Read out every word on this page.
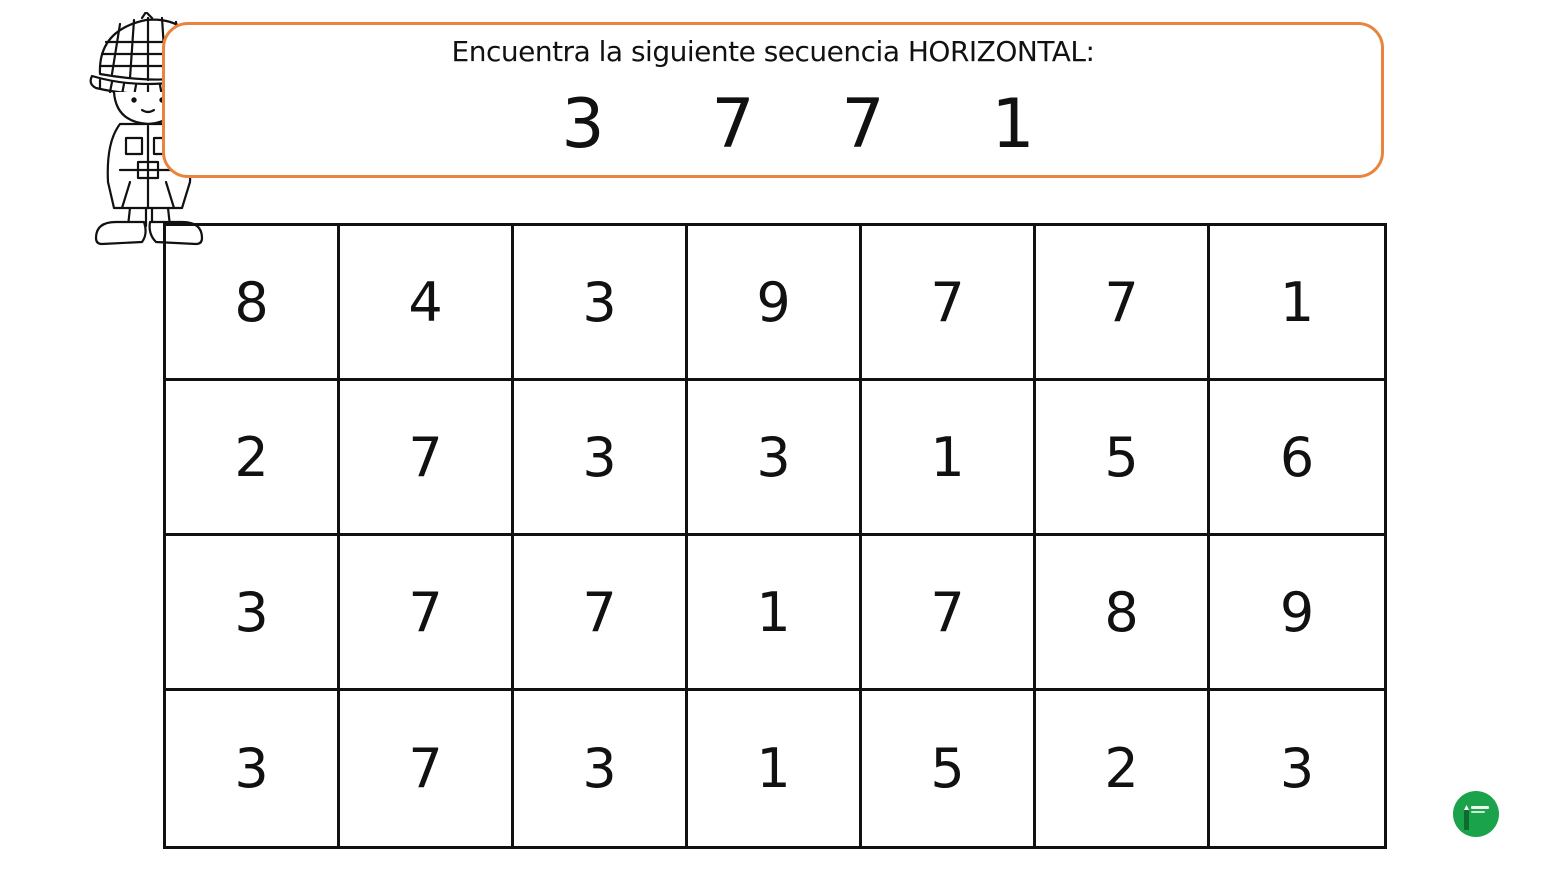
Encuentra la siguiente secuencia HORIZONTAL:
3 7 7 1
8	4	3	9	7	7	1
2	7	3	3	1	5	6
3	7	7	1	7	8	9
3	7	3	1	5	2	3
